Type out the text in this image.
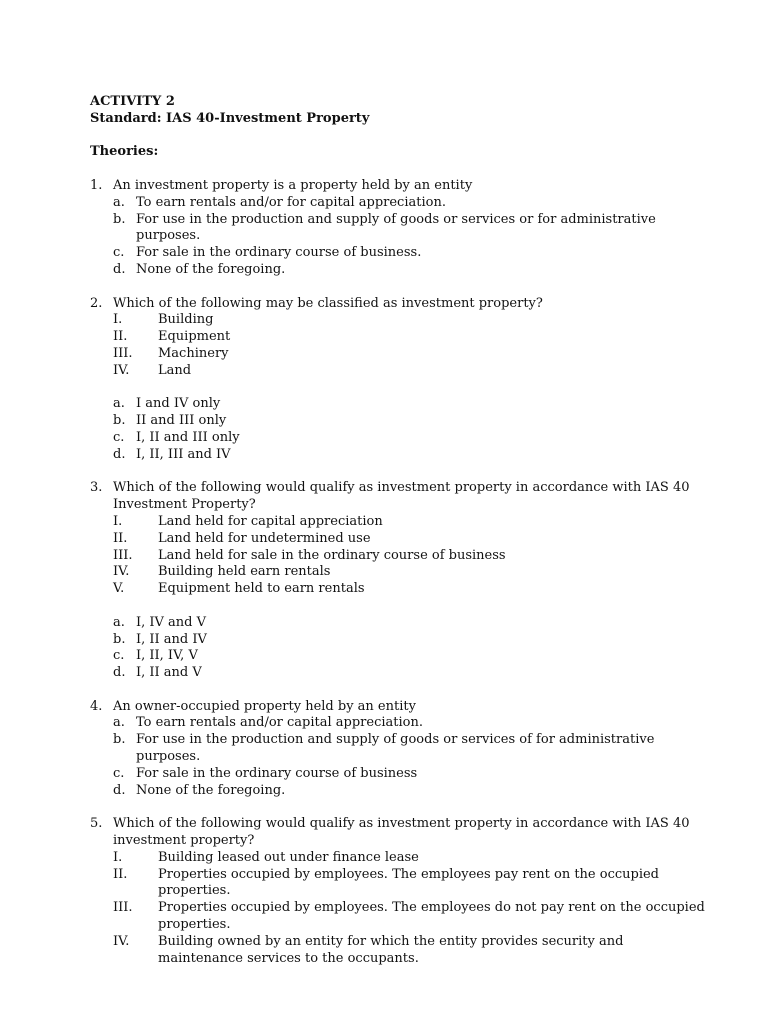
ACTIVITY 2
Standard: IAS 40-Investment Property
Theories:
1. An investment property is a property held by an entity
a. To earn rentals and/or for capital appreciation.
b. For use in the production and supply of goods or services or for administrative purposes.
c. For sale in the ordinary course of business.
d. None of the foregoing.
2. Which of the following may be classified as investment property?
I.	Building
II.	Equipment
III.	Machinery
IV.	Land
a. I and IV only
b. II and III only
c. I, II and III only
d. I, II, III and IV
3. Which of the following would qualify as investment property in accordance with IAS 40 Investment Property?
I.	Land held for capital appreciation
II.	Land held for undetermined use
III.	Land held for sale in the ordinary course of business
IV.	Building held earn rentals
V.	Equipment held to earn rentals
a. I, IV and V
b. I, II and IV
c. I, II, IV, V
d. I, II and V
4. An owner-occupied property held by an entity
a. To earn rentals and/or capital appreciation.
b. For use in the production and supply of goods or services of for administrative purposes.
c. For sale in the ordinary course of business
d. None of the foregoing.
5. Which of the following would qualify as investment property in accordance with IAS 40 investment property?
I.	Building leased out under finance lease
II.	Properties occupied by employees. The employees pay rent on the occupied properties.
III.	Properties occupied by employees. The employees do not pay rent on the occupied properties.
IV.	Building owned by an entity for which the entity provides security and maintenance services to the occupants.
